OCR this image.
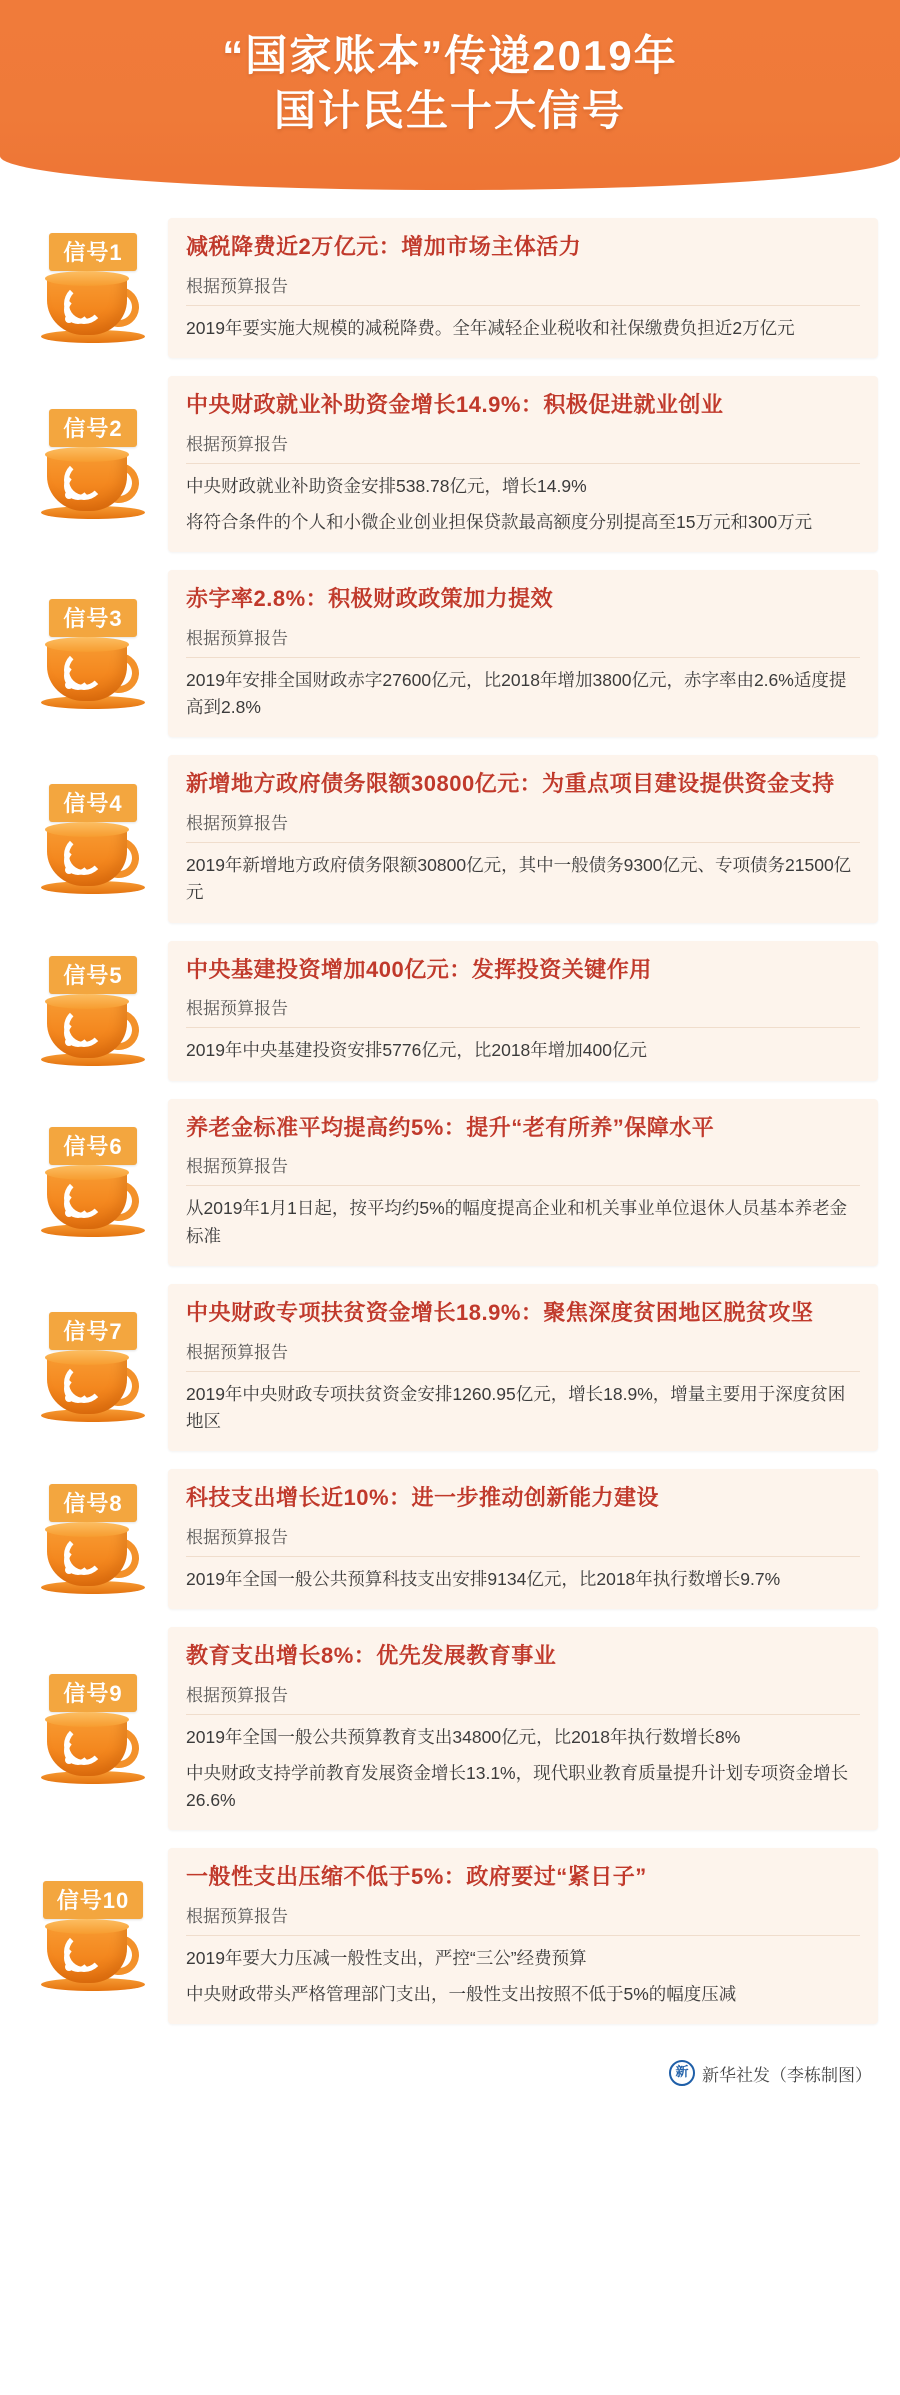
“国家账本”传递2019年
国计民生十大信号
信号1	减税降费近2万亿元：增加市场主体活力
根据预算报告

2019年要实施大规模的减税降费。全年减轻企业税收和社保缴费负担近2万亿元

信号2
中央财政就业补助资金增长14.9%：积极促进就业创业
根据预算报告

中央财政就业补助资金安排538.78亿元，增长14.9%

将符合条件的个人和小微企业创业担保贷款最高额度分别提高至15万元和300万元

信号3
赤字率2.8%：积极财政政策加力提效
根据预算报告

2019年安排全国财政赤字27600亿元，比2018年增加3800亿元，赤字率由2.6%适度提高到2.8%

信号4
新增地方政府债务限额30800亿元：为重点项目建设提供资金支持
根据预算报告

2019年新增地方政府债务限额30800亿元，其中一般债务9300亿元、专项债务21500亿元

信号5	中央基建投资增加400亿元：发挥投资关键作用
根据预算报告

2019年中央基建投资安排5776亿元，比2018年增加400亿元

信号6
养老金标准平均提高约5%：提升“老有所养”保障水平
根据预算报告

从2019年1月1日起，按平均约5%的幅度提高企业和机关事业单位退休人员基本养老金标准

信号7
中央财政专项扶贫资金增长18.9%：聚焦深度贫困地区脱贫攻坚
根据预算报告

2019年中央财政专项扶贫资金安排1260.95亿元，增长18.9%，增量主要用于深度贫困地区

信号8	科技支出增长近10%：进一步推动创新能力建设
根据预算报告

2019年全国一般公共预算科技支出安排9134亿元，比2018年执行数增长9.7%

信号9
教育支出增长8%：优先发展教育事业
根据预算报告

2019年全国一般公共预算教育支出34800亿元，比2018年执行数增长8%

中央财政支持学前教育发展资金增长13.1%，现代职业教育质量提升计划专项资金增长26.6%

信号10
一般性支出压缩不低于5%：政府要过“紧日子”
根据预算报告

2019年要大力压减一般性支出，严控“三公”经费预算

中央财政带头严格管理部门支出，一般性支出按照不低于5%的幅度压减

新 新华社发（李栋制图）
